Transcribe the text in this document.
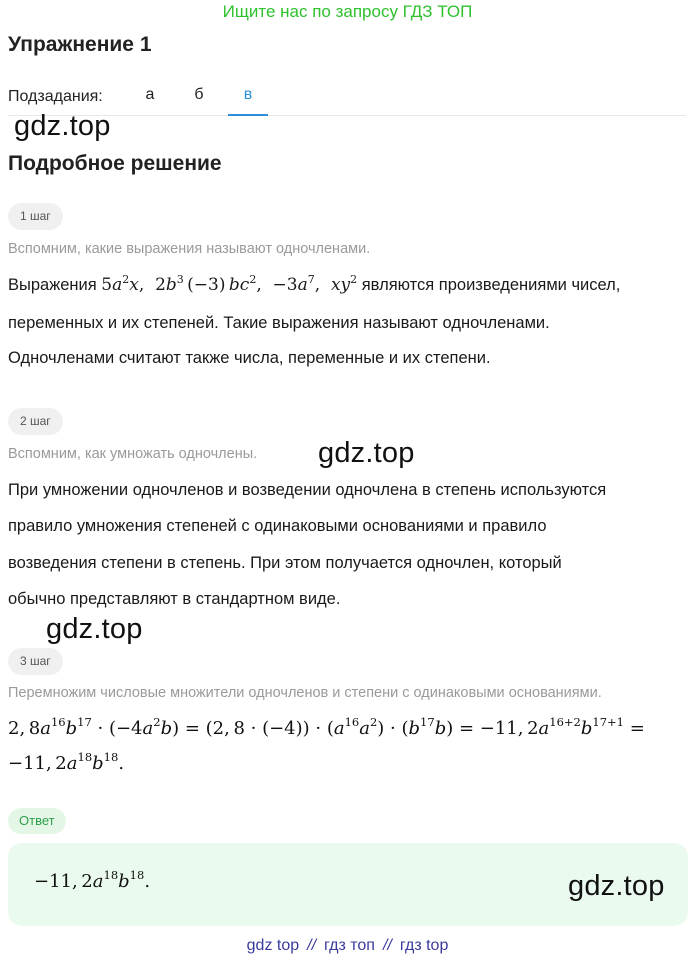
Ищите нас по запросу ГДЗ ТОП
Упражнение 1
Подзадания:	а	б	в
gdz.top
Подробное решение
1 шаг
Вспомним, какие выражения называют одночленами.
Выражения $5a^2x$,  $2b^3$ (−3) $bc^2$,  $-3a^7$,  $xy^2$ являются произведениями чисел,
переменных и их степеней. Такие выражения называют одночленами.
Одночленами считают также числа, переменные и их степени.
2 шаг
Вспомним, как умножать одночлены. gdz.top
При умножении одночленов и возведении одночлена в степень используются
правило умножения степеней с одинаковыми основаниями и правило
возведения степени в степень. При этом получается одночлен, который
обычно представляют в стандартном виде.
gdz.top
3 шаг
Перемножим числовые множители одночленов и степени с одинаковыми основаниями.
2, $8a^{16}b^{17} \cdot (-4a^2b) = (2$, $8 \cdot (-4)) \cdot (a^{16}a^2) \cdot (b^{17}b) = -11$, $2a^{16+2}b^{17+1}$ =
−11, $2a^{18}b^{18}$.
Ответ
−11, $2a^{18}b^{18}$.	gdz.top
gdz top // гдз топ // гдз top
